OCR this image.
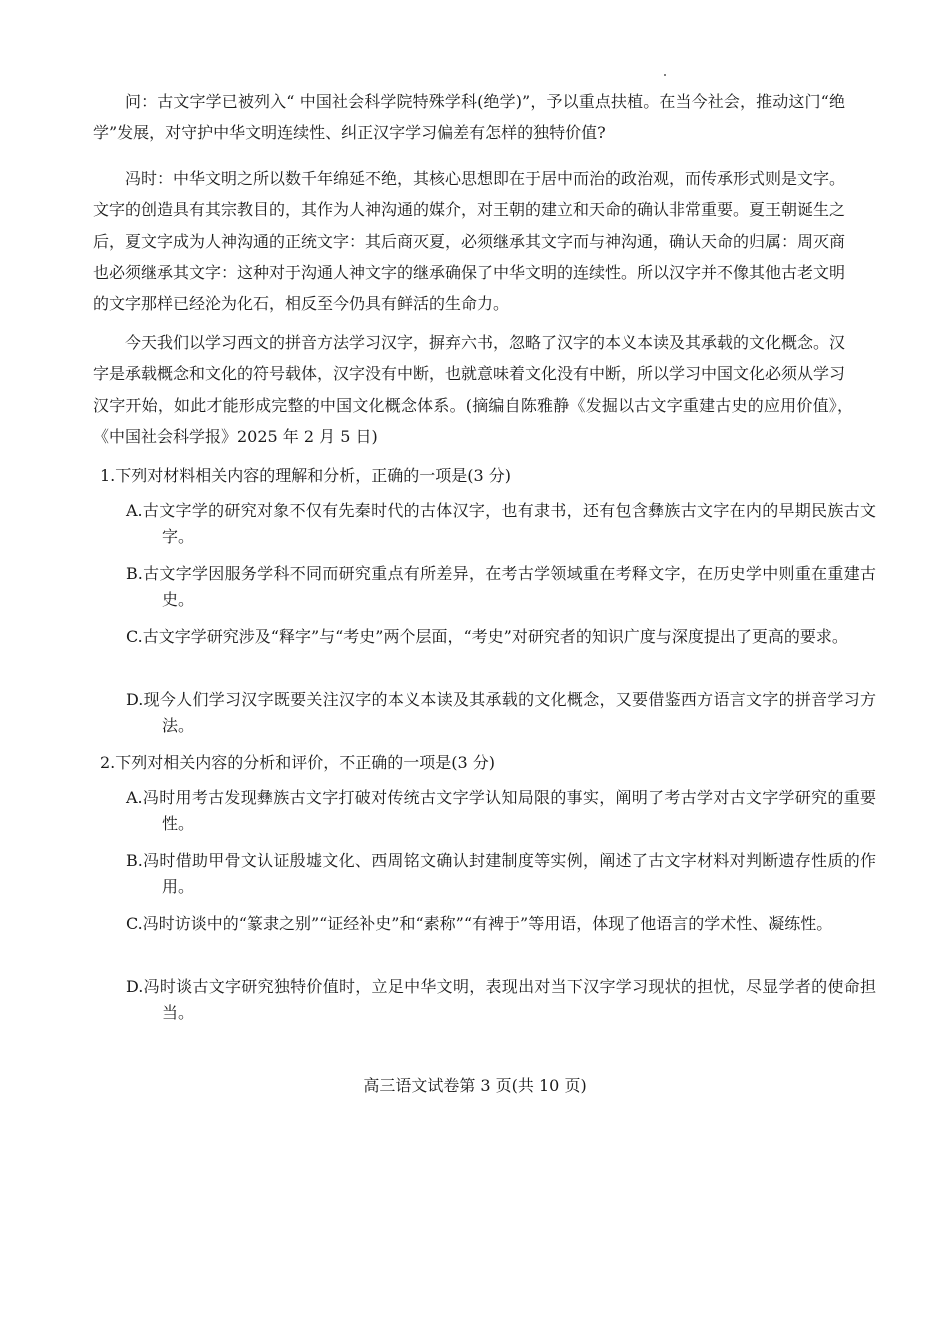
问：古文字学已被列入“ 中国社会科学院特殊学科(绝学)”，予以重点扶植。在当今社会，推动这门“绝学”发展，对守护中华文明连续性、纠正汉字学习偏差有怎样的独特价值?

冯时：中华文明之所以数千年绵延不绝，其核心思想即在于居中而治的政治观，而传承形式则是文字。文字的创造具有其宗教目的，其作为人神沟通的媒介，对王朝的建立和天命的确认非常重要。夏王朝诞生之后，夏文字成为人神沟通的正统文字：其后商灭夏，必须继承其文字而与神沟通，确认天命的归属：周灭商也必须继承其文字：这种对于沟通人神文字的继承确保了中华文明的连续性。所以汉字并不像其他古老文明的文字那样已经沦为化石，相反至今仍具有鲜活的生命力。

今天我们以学习西文的拼音方法学习汉字，摒弃六书，忽略了汉字的本义本读及其承载的文化概念。汉字是承载概念和文化的符号载体，汉字没有中断，也就意味着文化没有中断，所以学习中国文化必须从学习汉字开始，如此才能形成完整的中国文化概念体系。(摘编自陈雅静《发掘以古文字重建古史的应用价值》，　《中国社会科学报》2025 年 2 月 5 日)

1.下列对材料相关内容的理解和分析，正确的一项是(3 分)

A.古文字学的研究对象不仅有先秦时代的古体汉字，也有隶书，还有包含彝族古文字在内的早期民族古文字。

B.古文字学因服务学科不同而研究重点有所差异，在考古学领域重在考释文字，在历史学中则重在重建古史。

C.古文字学研究涉及“释字”与“考史”两个层面，“考史”对研究者的知识广度与深度提出了更高的要求。

D.现今人们学习汉字既要关注汉字的本义本读及其承载的文化概念，又要借鉴西方语言文字的拼音学习方法。

2.下列对相关内容的分析和评价，不正确的一项是(3 分)

A.冯时用考古发现彝族古文字打破对传统古文字学认知局限的事实，阐明了考古学对古文字学研究的重要性。

B.冯时借助甲骨文认证殷墟文化、西周铭文确认封建制度等实例，阐述了古文字材料对判断遗存性质的作用。

C.冯时访谈中的“篆隶之别”“证经补史”和“素称”“有裨于”等用语，体现了他语言的学术性、凝练性。

D.冯时谈古文字研究独特价值时，立足中华文明，表现出对当下汉字学习现状的担忧，尽显学者的使命担当。

高三语文试卷第 3 页(共 10 页)
